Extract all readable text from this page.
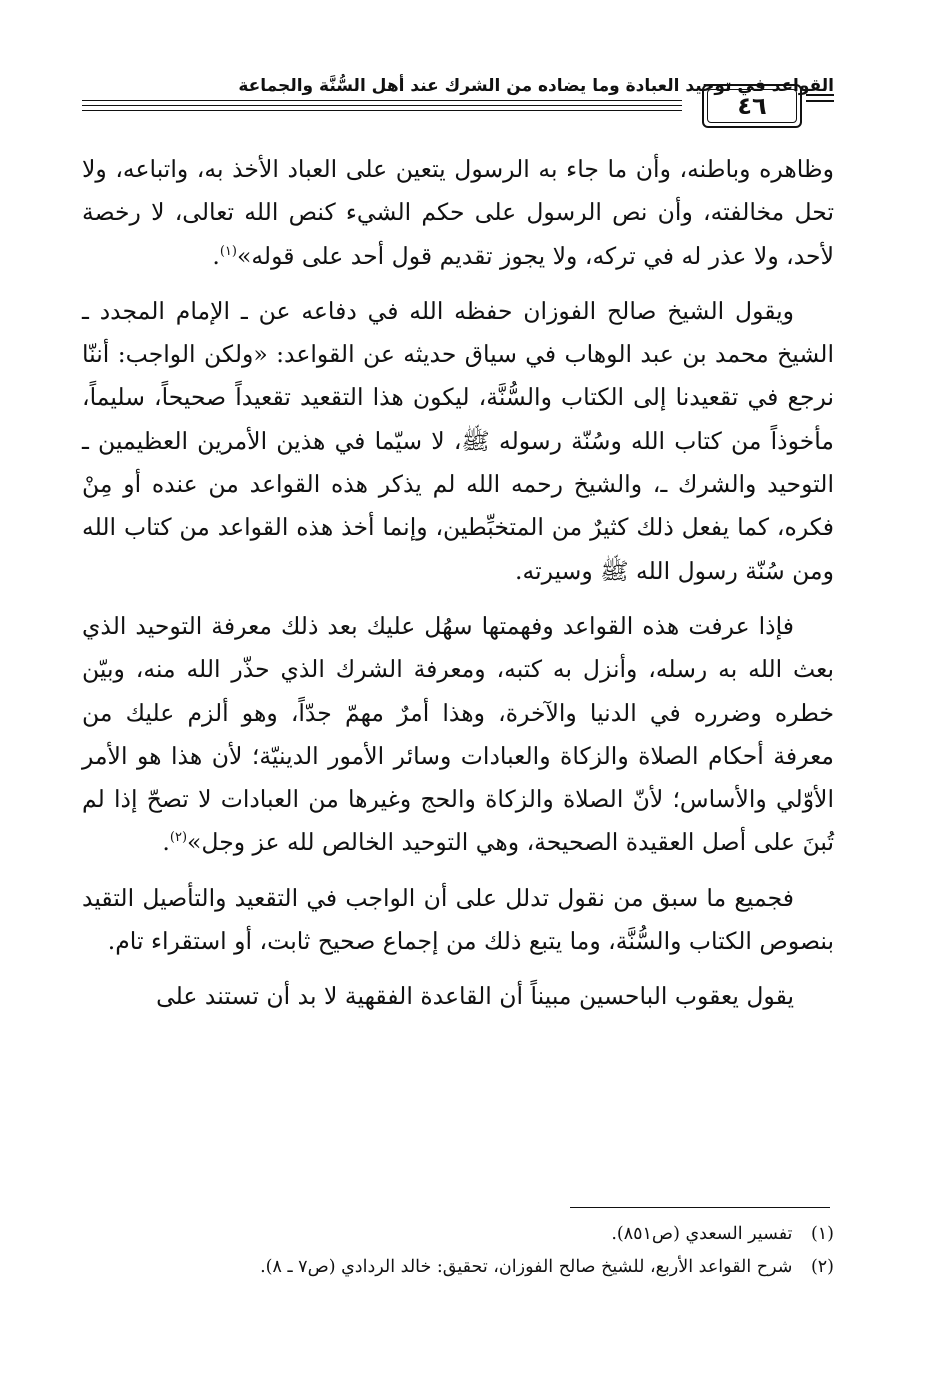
القواعد في توحيد العبادة وما يضاده من الشرك عند أهل السُّنَّة والجماعة
٤٦

وظاهره وباطنه، وأن ما جاء به الرسول يتعين على العباد الأخذ به، واتباعه، ولا تحل مخالفته، وأن نص الرسول على حكم الشيء كنص الله تعالى، لا رخصة لأحد، ولا عذر له في تركه، ولا يجوز تقديم قول أحد على قوله»$^{(١)}$.

ويقول الشيخ صالح الفوزان حفظه الله في دفاعه عن ـ الإمام المجدد ـ الشيخ محمد بن عبد الوهاب في سياق حديثه عن القواعد: «ولكن الواجب: أننّا نرجع في تقعيدنا إلى الكتاب والسُّنَّة، ليكون هذا التقعيد تقعيداً صحيحاً، سليماً، مأخوذاً من كتاب الله وسُنّة رسوله ﷺ، لا سيّما في هذين الأمرين العظيمين ـ التوحيد والشرك ـ، والشيخ رحمه الله لم يذكر هذه القواعد من عنده أو مِنْ فكره، كما يفعل ذلك كثيرٌ من المتخبِّطين، وإنما أخذ هذه القواعد من كتاب الله ومن سُنّة رسول الله ﷺ وسيرته.

فإذا عرفت هذه القواعد وفهمتها سهُل عليك بعد ذلك معرفة التوحيد الذي بعث الله به رسله، وأنزل به كتبه، ومعرفة الشرك الذي حذّر الله منه، وبيّن خطره وضرره في الدنيا والآخرة، وهذا أمرٌ مهمّ جدّاً، وهو ألزم عليك من معرفة أحكام الصلاة والزكاة والعبادات وسائر الأمور الدينيّة؛ لأن هذا هو الأمر الأوّلي والأساس؛ لأنّ الصلاة والزكاة والحج وغيرها من العبادات لا تصحّ إذا لم تُبنَ على أصل العقيدة الصحيحة، وهي التوحيد الخالص لله عز وجل»$^{(٢)}$.

فجميع ما سبق من نقول تدلل على أن الواجب في التقعيد والتأصيل التقيد بنصوص الكتاب والسُّنَّة، وما يتبع ذلك من إجماع صحيح ثابت، أو استقراء تام.

يقول يعقوب الباحسين مبيناً أن القاعدة الفقهية لا بد أن تستند على

(١) تفسير السعدي (ص٨٥١).

(٢) شرح القواعد الأربع، للشيخ صالح الفوزان، تحقيق: خالد الردادي (ص٧ ـ ٨).
